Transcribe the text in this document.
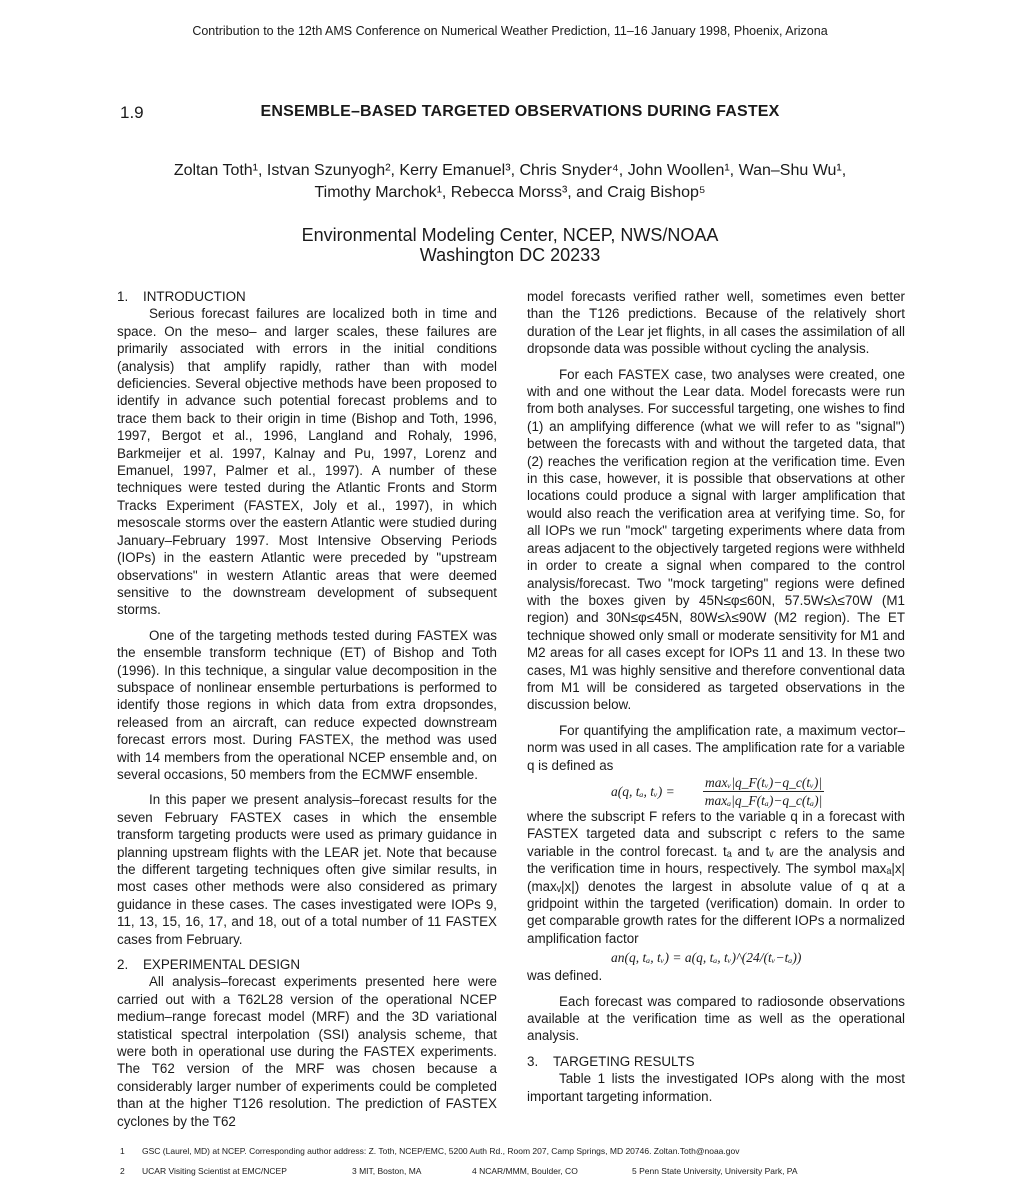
Contribution to the 12th AMS Conference on Numerical Weather Prediction, 11–16 January 1998, Phoenix, Arizona
1.9	ENSEMBLE–BASED TARGETED OBSERVATIONS DURING FASTEX
Zoltan Toth¹, Istvan Szunyogh², Kerry Emanuel³, Chris Snyder⁴, John Woollen¹, Wan–Shu Wu¹,
Timothy Marchok¹, Rebecca Morss³, and Craig Bishop⁵
Environmental Modeling Center, NCEP, NWS/NOAA
Washington DC 20233
1. INTRODUCTION

Serious forecast failures are localized both in time and space. On the meso– and larger scales, these failures are primarily associated with errors in the initial conditions (analysis) that amplify rapidly, rather than with model deficiencies. Several objective methods have been proposed to identify in advance such potential forecast problems and to trace them back to their origin in time (Bishop and Toth, 1996, 1997, Bergot et al., 1996, Langland and Rohaly, 1996, Barkmeijer et al. 1997, Kalnay and Pu, 1997, Lorenz and Emanuel, 1997, Palmer et al., 1997). A number of these techniques were tested during the Atlantic Fronts and Storm Tracks Experiment (FASTEX, Joly et al., 1997), in which mesoscale storms over the eastern Atlantic were studied during January–February 1997. Most Intensive Observing Periods (IOPs) in the eastern Atlantic were preceded by "upstream observations" in western Atlantic areas that were deemed sensitive to the downstream development of subsequent storms.

One of the targeting methods tested during FASTEX was the ensemble transform technique (ET) of Bishop and Toth (1996). In this technique, a singular value decomposition in the subspace of nonlinear ensemble perturbations is performed to identify those regions in which data from extra dropsondes, released from an aircraft, can reduce expected downstream forecast errors most. During FASTEX, the method was used with 14 members from the operational NCEP ensemble and, on several occasions, 50 members from the ECMWF ensemble.

In this paper we present analysis–forecast results for the seven February FASTEX cases in which the ensemble transform targeting products were used as primary guidance in planning upstream flights with the LEAR jet. Note that because the different targeting techniques often give similar results, in most cases other methods were also considered as primary guidance in these cases. The cases investigated were IOPs 9, 11, 13, 15, 16, 17, and 18, out of a total number of 11 FASTEX cases from February.

2. EXPERIMENTAL DESIGN

All analysis–forecast experiments presented here were carried out with a T62L28 version of the operational NCEP medium–range forecast model (MRF) and the 3D variational statistical spectral interpolation (SSI) analysis scheme, that were both in operational use during the FASTEX experiments. The T62 version of the MRF was chosen because a considerably larger number of experiments could be completed than at the higher T126 resolution. The prediction of FASTEX cyclones by the T62

model forecasts verified rather well, sometimes even better than the T126 predictions. Because of the relatively short duration of the Lear jet flights, in all cases the assimilation of all dropsonde data was possible without cycling the analysis.

For each FASTEX case, two analyses were created, one with and one without the Lear data. Model forecasts were run from both analyses. For successful targeting, one wishes to find (1) an amplifying difference (what we will refer to as "signal") between the forecasts with and without the targeted data, that (2) reaches the verification region at the verification time. Even in this case, however, it is possible that observations at other locations could produce a signal with larger amplification that would also reach the verification area at verifying time. So, for all IOPs we run "mock" targeting experiments where data from areas adjacent to the objectively targeted regions were withheld in order to create a signal when compared to the control analysis/forecast. Two "mock targeting" regions were defined with the boxes given by 45N≤φ≤60N, 57.5W≤λ≤70W (M1 region) and 30N≤φ≤45N, 80W≤λ≤90W (M2 region). The ET technique showed only small or moderate sensitivity for M1 and M2 areas for all cases except for IOPs 11 and 13. In these two cases, M1 was highly sensitive and therefore conventional data from M1 will be considered as targeted observations in the discussion below.

For quantifying the amplification rate, a maximum vector–norm was used in all cases. The amplification rate for a variable q is defined as

a(q, tₐ, tᵥ) =
maxᵥ|q_F(tᵥ)−q_c(tᵥ)|
maxₐ|q_F(tₐ)−q_c(tₐ)|

where the subscript F refers to the variable q in a forecast with FASTEX targeted data and subscript c refers to the same variable in the control forecast. tₐ and tᵥ are the analysis and the verification time in hours, respectively. The symbol maxₐ|x| (maxᵥ|x|) denotes the largest in absolute value of q at a gridpoint within the targeted (verification) domain. In order to get comparable growth rates for the different IOPs a normalized amplification factor

an(q, tₐ, tᵥ) = a(q, tₐ, tᵥ)^(24/(tᵥ−tₐ))

was defined.

Each forecast was compared to radiosonde observations available at the verification time as well as the operational analysis.

3. TARGETING RESULTS

Table 1 lists the investigated IOPs along with the most important targeting information.

1 GSC (Laurel, MD) at NCEP. Corresponding author address: Z. Toth, NCEP/EMC, 5200 Auth Rd., Room 207, Camp Springs, MD 20746. Zoltan.Toth@noaa.gov
2 UCAR Visiting Scientist at EMC/NCEP	3 MIT, Boston, MA	4 NCAR/MMM, Boulder, CO	5 Penn State University, University Park, PA
